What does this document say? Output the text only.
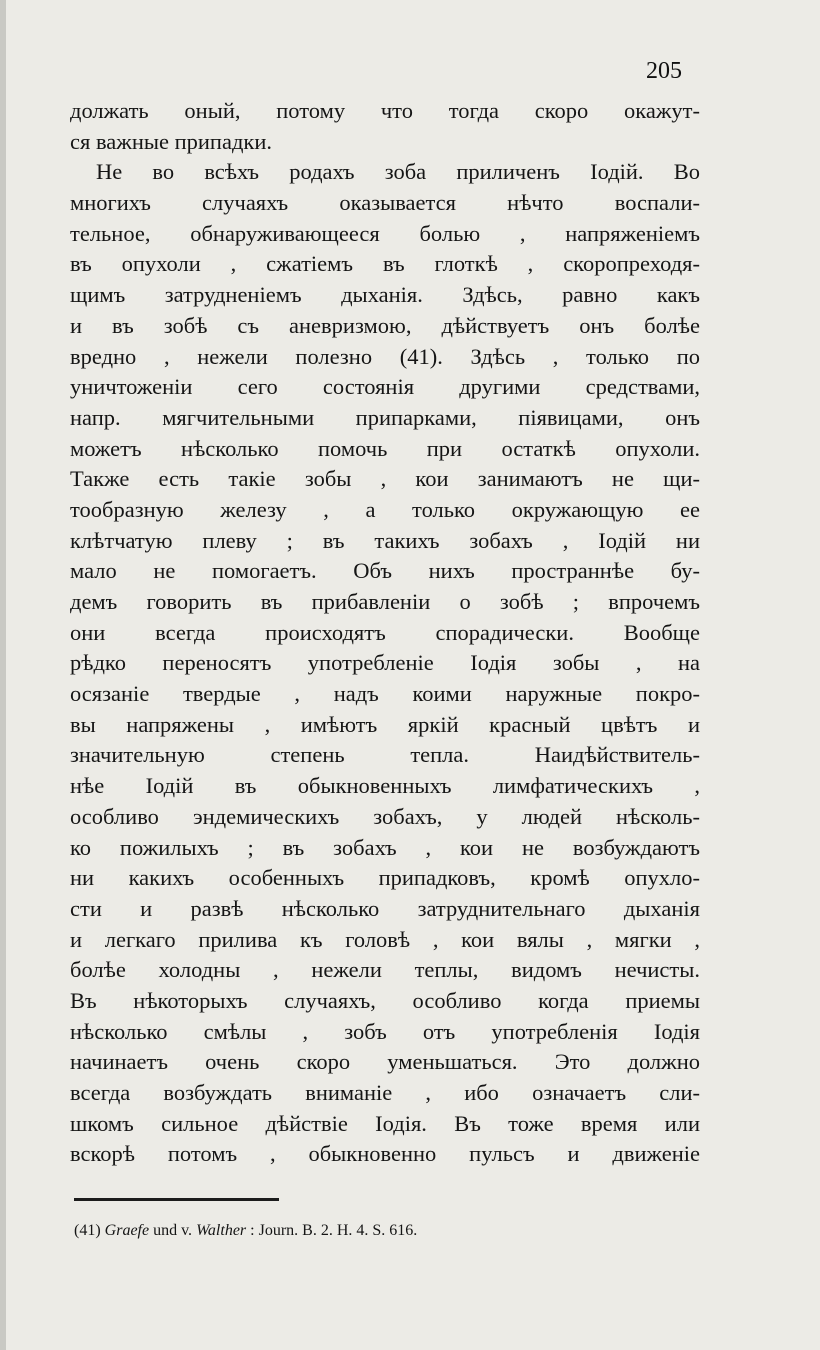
205
должать оный, потому что тогда скоро окажут-
ся важные припадки.
Не во всѣхъ родахъ зоба приличенъ Іодій. Во
многихъ случаяхъ оказывается нѣчто воспали-
тельное, обнаруживающееся болью , напряженіемъ
въ опухоли , сжатіемъ въ глоткѣ , скоропреходя-
щимъ затрудненіемъ дыханія. Здѣсь, равно какъ
и въ зобѣ съ аневризмою, дѣйствуетъ онъ болѣе
вредно , нежели полезно (41). Здѣсь , только по
уничтоженіи сего состоянія другими средствами,
напр. мягчительными припарками, піявицами, онъ
можетъ нѣсколько помочь при остаткѣ опухоли.
Также есть такіе зобы , кои занимаютъ не щи-
тообразную железу , а только окружающую ее
клѣтчатую плеву ; въ такихъ зобахъ , Іодій ни
мало не помогаетъ. Объ нихъ пространнѣе бу-
демъ говорить въ прибавленіи о зобѣ ; впрочемъ
они всегда происходятъ спорадически. Вообще
рѣдко переносятъ употребленіе Іодія зобы , на
осязаніе твердые , надъ коими наружные покро-
вы напряжены , имѣютъ яркій красный цвѣтъ и
значительную степень тепла. Наидѣйствитель-
нѣе Іодій въ обыкновенныхъ лимфатическихъ ,
особливо эндемическихъ зобахъ, у людей нѣсколь-
ко пожилыхъ ; въ зобахъ , кои не возбуждаютъ
ни какихъ особенныхъ припадковъ, кромѣ опухло-
сти и развѣ нѣсколько затруднительнаго дыханія
и легкаго прилива къ головѣ , кои вялы , мягки ,
болѣе холодны , нежели теплы, видомъ нечисты.
Въ нѣкоторыхъ случаяхъ, особливо когда приемы
нѣсколько смѣлы , зобъ отъ употребленія Іодія
начинаетъ очень скоро уменьшаться. Это должно
всегда возбуждать вниманіе , ибо означаетъ сли-
шкомъ сильное дѣйствіе Іодія. Въ тоже время или
вскорѣ потомъ , обыкновенно пульсъ и движеніе
(41) Graefe und v. Walther : Journ. B. 2. H. 4. S. 616.
